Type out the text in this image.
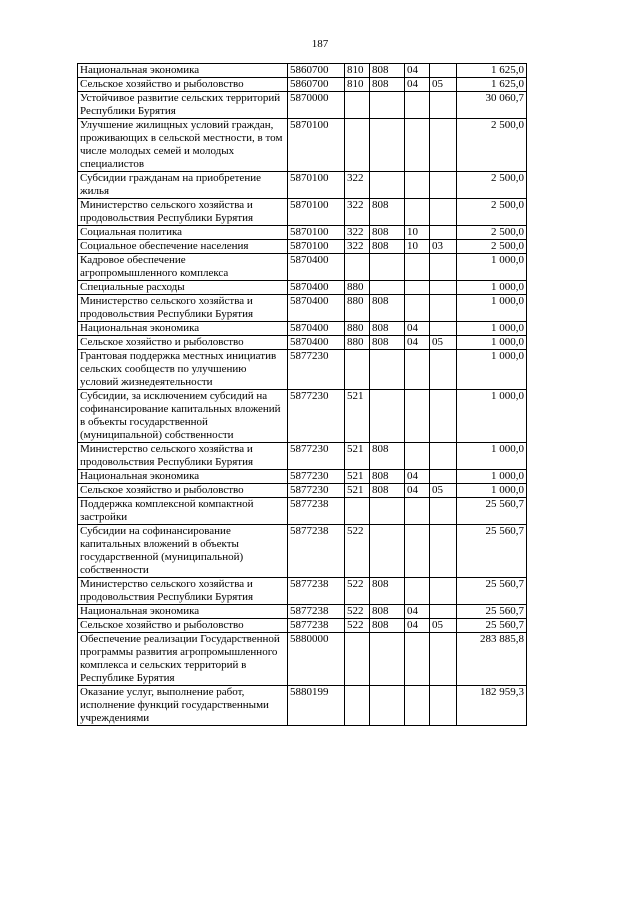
187
Национальная экономика	5860700	810	808	04		1 625,0
Сельское хозяйство и рыболовство	5860700	810	808	04	05	1 625,0
Устойчивое развитие сельских территорий Республики Бурятия	5870000					30 060,7
Улучшение жилищных условий граждан, проживающих в сельской местности, в том числе молодых семей и молодых специалистов	5870100					2 500,0
Субсидии гражданам на приобретение жилья	5870100	322				2 500,0
Министерство сельского хозяйства и продовольствия Республики Бурятия	5870100	322	808			2 500,0
Социальная политика	5870100	322	808	10		2 500,0
Социальное обеспечение населения	5870100	322	808	10	03	2 500,0
Кадровое обеспечение агропромышленного комплекса	5870400					1 000,0
Специальные расходы	5870400	880				1 000,0
Министерство сельского хозяйства и продовольствия Республики Бурятия	5870400	880	808			1 000,0
Национальная экономика	5870400	880	808	04		1 000,0
Сельское хозяйство и рыболовство	5870400	880	808	04	05	1 000,0
Грантовая поддержка местных инициатив сельских сообществ по улучшению условий жизнедеятельности	5877230					1 000,0
Субсидии, за исключением субсидий на софинансирование капитальных вложений в объекты государственной (муниципальной) собственности	5877230	521				1 000,0
Министерство сельского хозяйства и продовольствия Республики Бурятия	5877230	521	808			1 000,0
Национальная экономика	5877230	521	808	04		1 000,0
Сельское хозяйство и рыболовство	5877230	521	808	04	05	1 000,0
Поддержка комплексной компактной застройки	5877238					25 560,7
Субсидии на софинансирование капитальных вложений в объекты государственной (муниципальной) собственности	5877238	522				25 560,7
Министерство сельского хозяйства и продовольствия Республики Бурятия	5877238	522	808			25 560,7
Национальная экономика	5877238	522	808	04		25 560,7
Сельское хозяйство и рыболовство	5877238	522	808	04	05	25 560,7
Обеспечение реализации Государственной программы развития агропромышленного комплекса и сельских территорий в Республике Бурятия	5880000					283 885,8
Оказание услуг, выполнение работ, исполнение функций государственными учреждениями	5880199					182 959,3
